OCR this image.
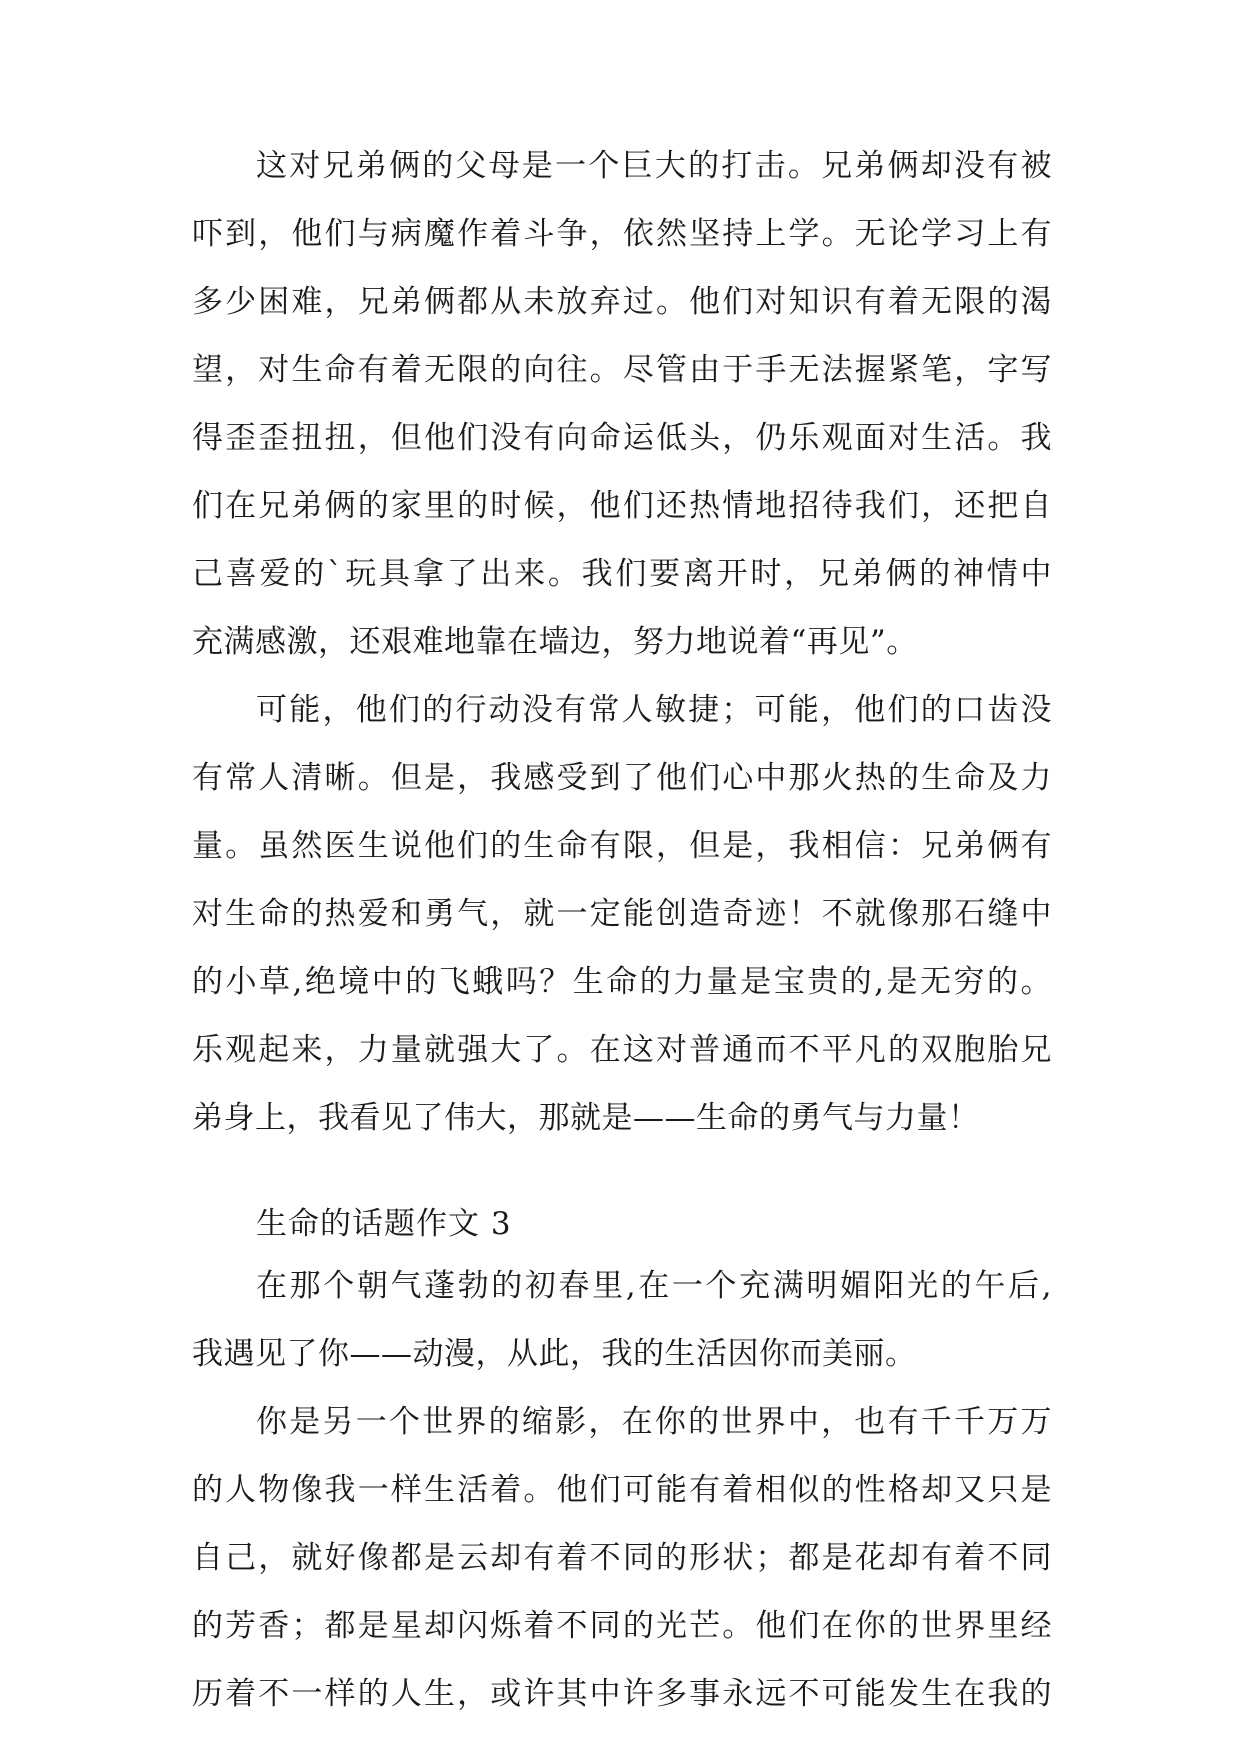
这对兄弟俩的父母是一个巨大的打击。兄弟俩却没有被

吓到，他们与病魔作着斗争，依然坚持上学。无论学习上有

多少困难，兄弟俩都从未放弃过。他们对知识有着无限的渴

望，对生命有着无限的向往。尽管由于手无法握紧笔，字写

得歪歪扭扭，但他们没有向命运低头，仍乐观面对生活。我

们在兄弟俩的家里的时候，他们还热情地招待我们，还把自

己喜爱的`玩具拿了出来。我们要离开时，兄弟俩的神情中

充满感激，还艰难地靠在墙边，努力地说着“再见”。

可能，他们的行动没有常人敏捷；可能，他们的口齿没

有常人清晰。但是，我感受到了他们心中那火热的生命及力

量。虽然医生说他们的生命有限，但是，我相信：兄弟俩有

对生命的热爱和勇气，就一定能创造奇迹！不就像那石缝中

的小草,绝境中的飞蛾吗？生命的力量是宝贵的,是无穷的。

乐观起来，力量就强大了。在这对普通而不平凡的双胞胎兄

弟身上，我看见了伟大，那就是——生命的勇气与力量！

生命的话题作文 3

在那个朝气蓬勃的初春里,在一个充满明媚阳光的午后,

我遇见了你——动漫，从此，我的生活因你而美丽。

你是另一个世界的缩影，在你的世界中，也有千千万万

的人物像我一样生活着。他们可能有着相似的性格却又只是

自己，就好像都是云却有着不同的形状；都是花却有着不同

的芳香；都是星却闪烁着不同的光芒。他们在你的世界里经

历着不一样的人生，或许其中许多事永远不可能发生在我的
